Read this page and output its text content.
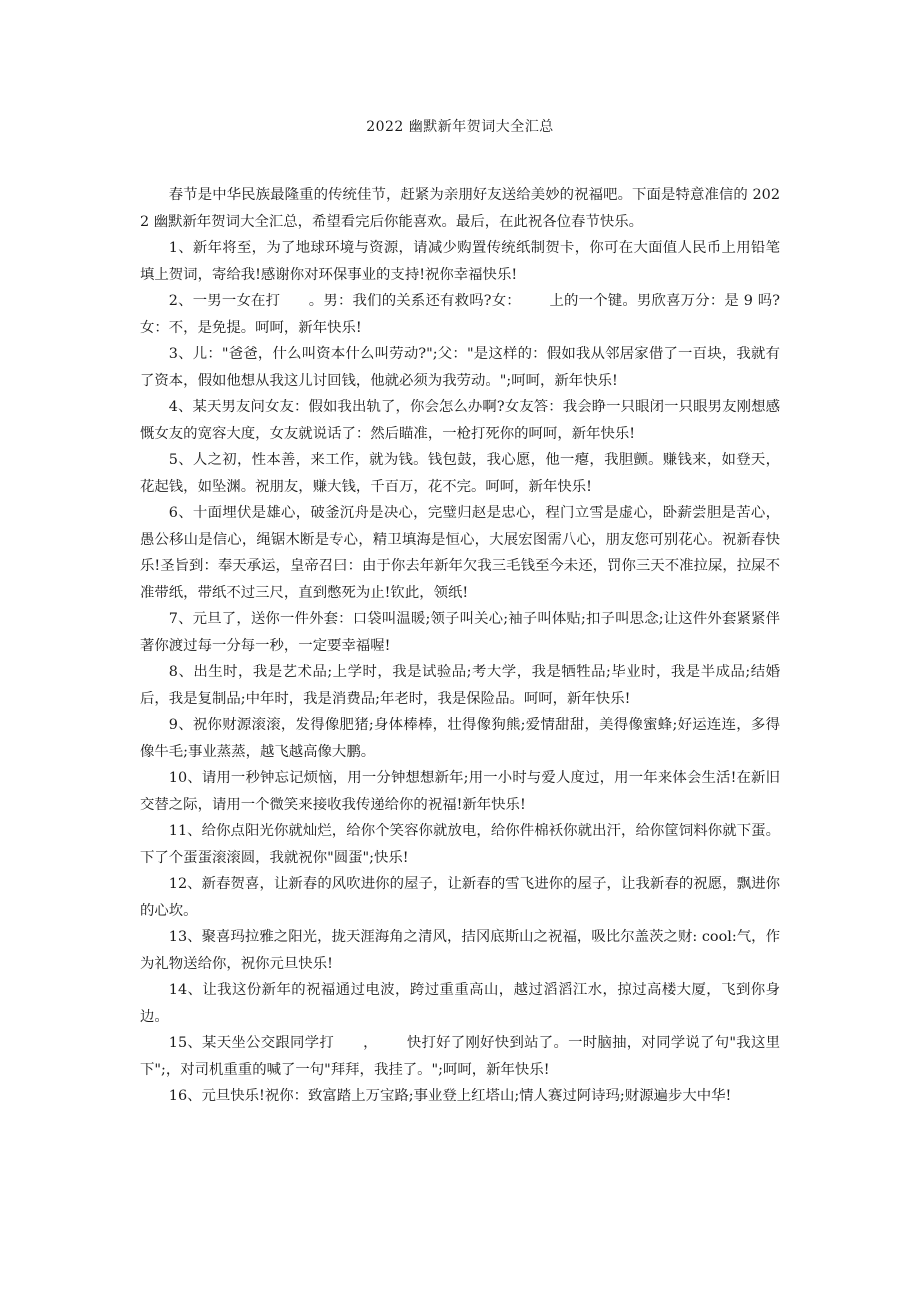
2022 幽默新年贺词大全汇总

春节是中华民族最隆重的传统佳节，赶紧为亲朋好友送给美妙的祝福吧。下面是特意准信的 2022 幽默新年贺词大全汇总，希望看完后你能喜欢。最后，在此祝各位春节快乐。

1、新年将至，为了地球环境与资源，请减少购置传统纸制贺卡，你可在大面值人民币上用铅笔填上贺词，寄给我!感谢你对环保事业的支持!祝你幸福快乐!

2、一男一女在打      。男：我们的关系还有救吗?女：      上的一个键。男欣喜万分：是 9 吗?女：不，是免提。呵呵，新年快乐!

3、儿："爸爸，什么叫资本什么叫劳动?";父："是这样的：假如我从邻居家借了一百块，我就有了资本，假如他想从我这儿讨回钱，他就必须为我劳动。";呵呵，新年快乐!

4、某天男友问女友：假如我出轨了，你会怎么办啊?女友答：我会睁一只眼闭一只眼男友刚想感慨女友的宽容大度，女友就说话了：然后瞄准，一枪打死你的呵呵，新年快乐!

5、人之初，性本善，来工作，就为钱。钱包鼓，我心愿，他一瘪，我胆颤。赚钱来，如登天，花起钱，如坠渊。祝朋友，赚大钱，千百万，花不完。呵呵，新年快乐!

6、十面埋伏是雄心，破釜沉舟是决心，完璧归赵是忠心，程门立雪是虚心，卧薪尝胆是苦心，愚公移山是信心，绳锯木断是专心，精卫填海是恒心，大展宏图需八心，朋友您可别花心。祝新春快乐!圣旨到：奉天承运，皇帝召曰：由于你去年新年欠我三毛钱至今未还，罚你三天不准拉屎，拉屎不准带纸，带纸不过三尺，直到憋死为止!钦此，领纸!

7、元旦了，送你一件外套：口袋叫温暖;领子叫关心;袖子叫体贴;扣子叫思念;让这件外套紧紧伴著你渡过每一分每一秒，一定要幸福喔!

8、出生时，我是艺术品;上学时，我是试验品;考大学，我是牺牲品;毕业时，我是半成品;结婚后，我是复制品;中年时，我是消费品;年老时，我是保险品。呵呵，新年快乐!

9、祝你财源滚滚，发得像肥猪;身体棒棒，壮得像狗熊;爱情甜甜，美得像蜜蜂;好运连连，多得像牛毛;事业蒸蒸，越飞越高像大鹏。

10、请用一秒钟忘记烦恼，用一分钟想想新年;用一小时与爱人度过，用一年来体会生活!在新旧交替之际，请用一个微笑来接收我传递给你的祝福!新年快乐!

11、给你点阳光你就灿烂，给你个笑容你就放电，给你件棉袄你就出汗，给你筐饲料你就下蛋。下了个蛋蛋滚滚圆，我就祝你"圆蛋";快乐!

12、新春贺喜，让新春的风吹进你的屋子，让新春的雪飞进你的屋子，让我新春的祝愿，飘进你的心坎。

13、聚喜玛拉雅之阳光，拢天涯海角之清风，拮冈底斯山之祝福，吸比尔盖茨之财: cool:气，作为礼物送给你，祝你元旦快乐!

14、让我这份新年的祝福通过电波，跨过重重高山，越过滔滔江水，掠过高楼大厦，飞到你身边。

15、某天坐公交跟同学打      ，      快打好了刚好快到站了。一时脑抽，对同学说了句"我这里下";，对司机重重的喊了一句"拜拜，我挂了。";呵呵，新年快乐!

16、元旦快乐!祝你：致富踏上万宝路;事业登上红塔山;情人赛过阿诗玛;财源遍步大中华!
